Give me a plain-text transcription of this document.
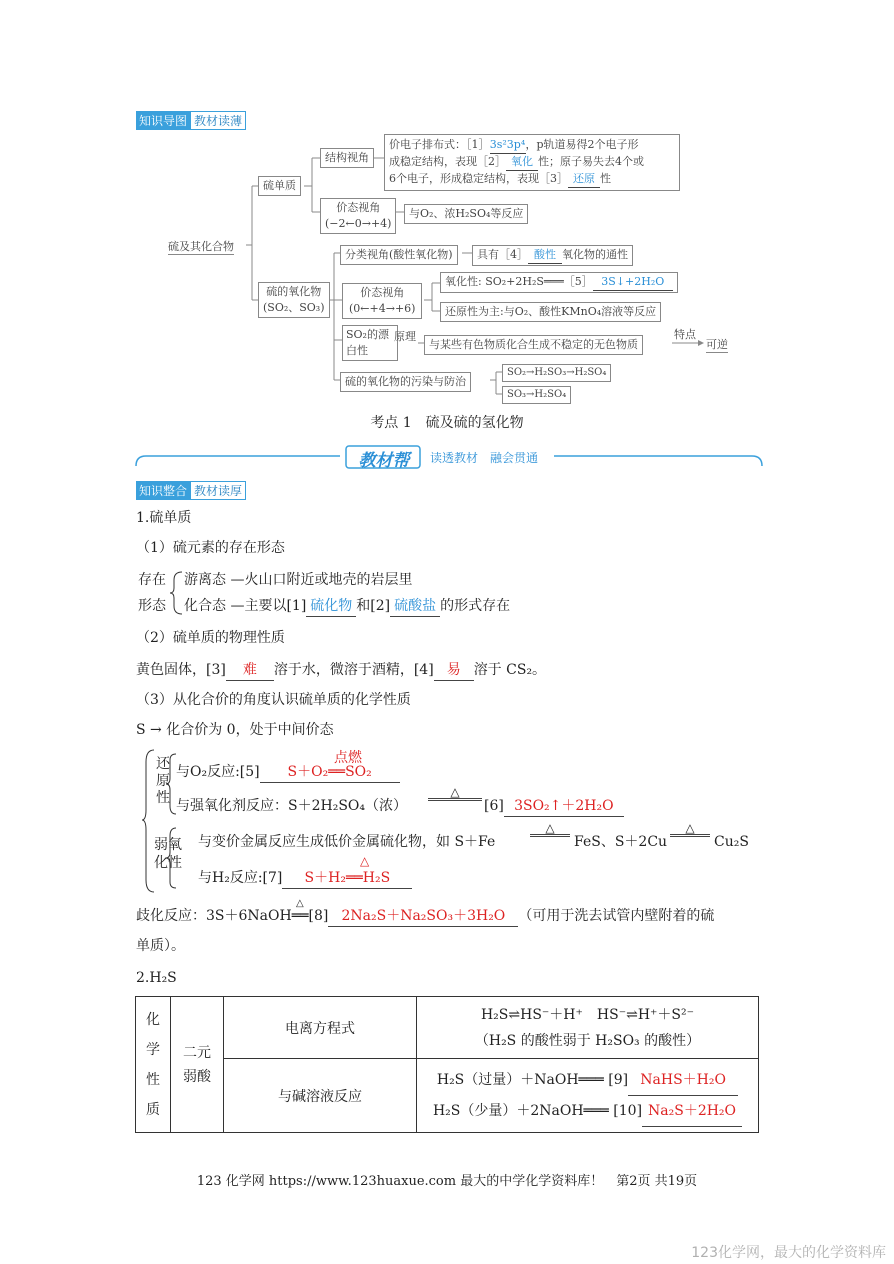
知识导图 教材读薄
硫及其化合物
硫单质
结构视角
价电子排布式：［1］3s²3p⁴，p轨道易得2个电子形
成稳定结构，表现［2］ 氧化 性；原子易失去4个或
6个电子，形成稳定结构，表现［3］ 还原 性
价态视角
(−2←0→+4)
与O₂、浓H₂SO₄等反应
硫的氧化物
(SO₂、SO₃)
分类视角(酸性氧化物)	具有［4］ 酸性 氧化物的通性
价态视角
(0←+4→+6)
氧化性: SO₂+2H₂S═══［5］ 3S↓+2H₂O
还原性为主:与O₂、酸性KMnO₄溶液等反应
SO₂的漂白性
原理
与某些有色物质化合生成不稳定的无色物质
特点
可逆
硫的氧化物的污染与防治
SO₂→H₂SO₃→H₂SO₄
SO₃→H₂SO₄
考点 1　硫及硫的氢化物
教材帮	读透教材　融会贯通
知识整合 教材读厚
1.硫单质
（1）硫元素的存在形态
存在
形态
游离态 —火山口附近或地壳的岩层里
化合态 —主要以[1] 硫化物 和[2] 硫酸盐 的形式存在
（2）硫单质的物理性质
黄色固体，[3] 难 溶于水，微溶于酒精，[4] 易 溶于 CS₂。
（3）从化合价的角度认识硫单质的化学性质
S → 化合价为 0，处于中间价态
还原性
弱氧化性
与O₂反应:[5] S＋O₂══SO₂
点燃
与强氧化剂反应：S＋2H₂SO₄（浓）
△
[6] 3SO₂↑＋2H₂O
与变价金属反应生成低价金属硫化物，如 S＋Fe
△
FeS、S＋2Cu
△
Cu₂S
与H₂反应:[7] S＋H₂══H₂S
△
歧化反应：3S＋6NaOH══[8] 2Na₂S＋Na₂SO₃＋3H₂O （可用于洗去试管内壁附着的硫
△
单质）。
2.H₂S
化学性质	二元弱酸	电离方程式	H₂S⇌HS⁻＋H⁺　HS⁻⇌H⁺＋S²⁻
（H₂S 的酸性弱于 H₂SO₃ 的酸性）

		与碱溶液反应	H₂S（过量）＋NaOH═══ [9] NaHS＋H₂O
H₂S（少量）＋2NaOH═══ [10] Na₂S＋2H₂O
123 化学网 https://www.123huaxue.com 最大的中学化学资料库！　第2页 共19页
123化学网，最大的化学资料库
